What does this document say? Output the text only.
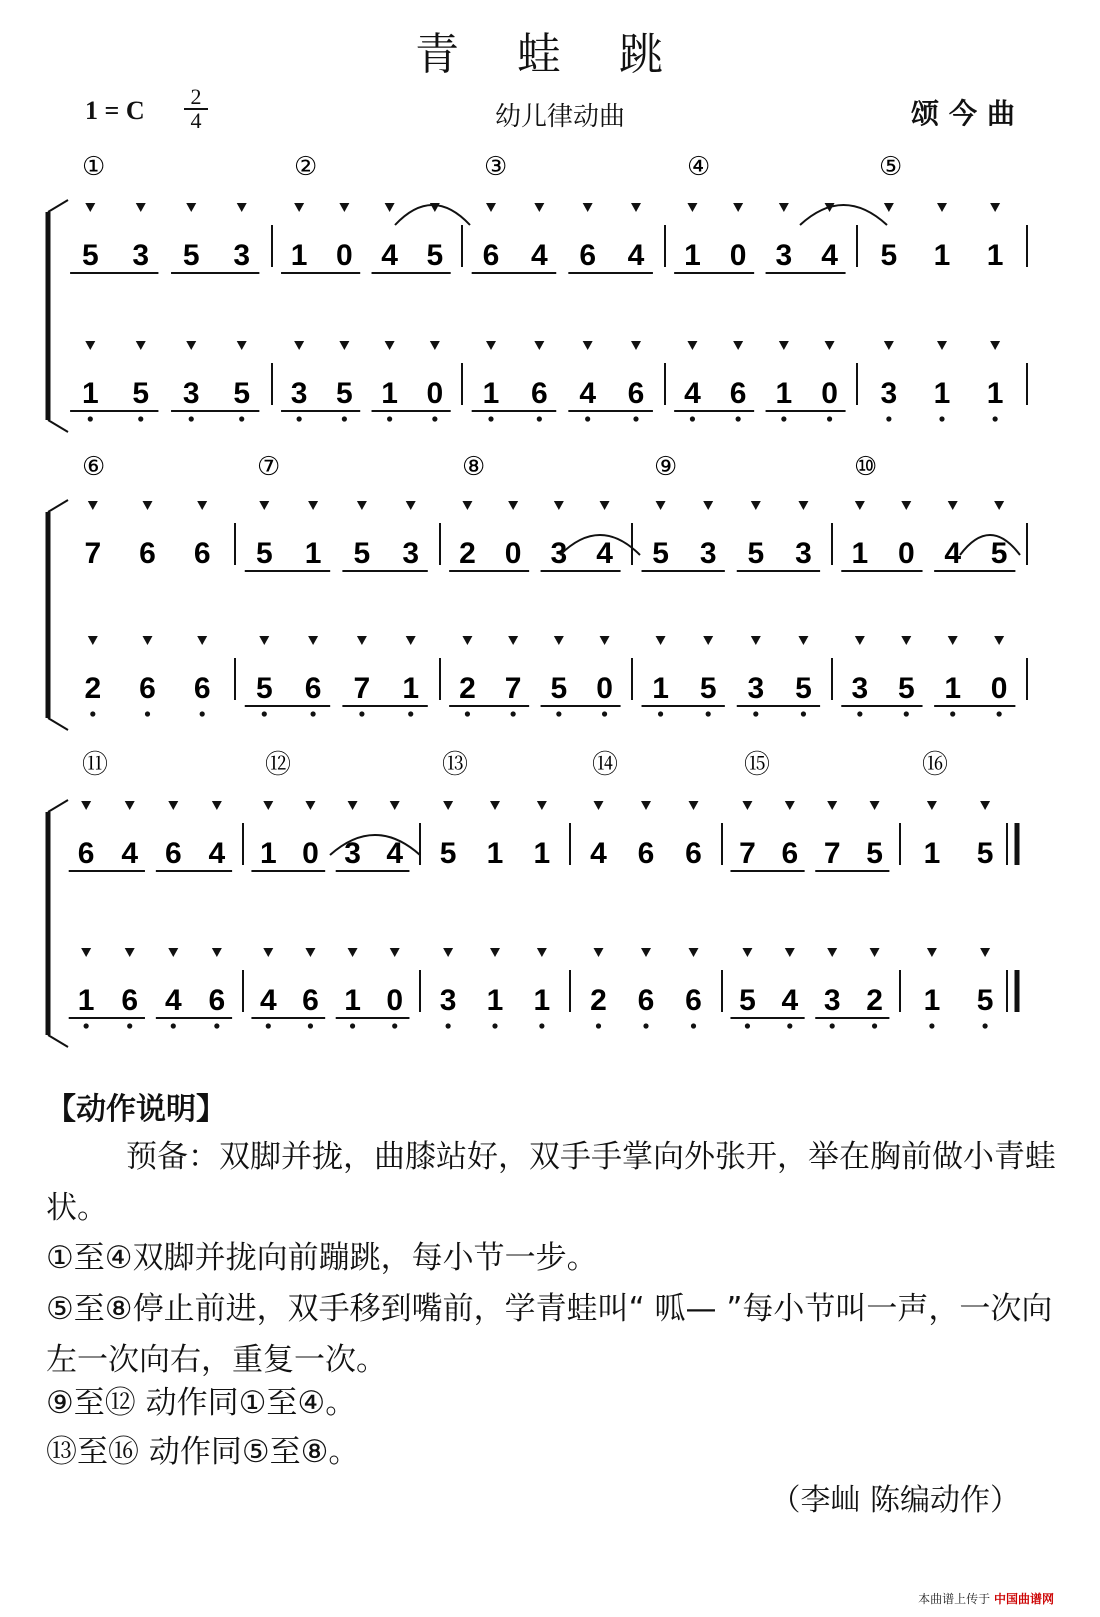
青 蛙 跳
1 = C	2
4	幼儿律动曲	颂今曲
①
5 3 5 3
1 5 3 5
②
1 0 4 5
3 5 1 0
③
6 4 6 4
1 6 4 6
④
1 0 3 4
4 6 1 0
⑤
5 1 1
3 1 1
⑥
7 6 6
2 6 6
⑦
5 1 5 3
5 6 7 1
⑧
2 0 3 4
2 7 5 0
⑨
5 3 5 3
1 5 3 5
⑩
1 0 4 5
3 5 1 0
⑪
6 4 6 4
1 6 4 6
⑫
1 0 3 4
4 6 1 0
⑬
5 1 1
3 1 1
⑭
4 6 6
2 6 6
⑮
7 6 7 5
5 4 3 2
⑯
1 5
1 5
【动作说明】
预备：双脚并拢，曲膝站好，双手手掌向外张开，举在胸前做小青蛙状。
①至④双脚并拢向前蹦跳，每小节一步。
⑤至⑧停止前进，双手移到嘴前，学青蛙叫“ 呱— ”每小节叫一声，一次向左一次向右，重复一次。
⑨至⑫ 动作同①至④。
⑬至⑯ 动作同⑤至⑧。
（李屾 陈编动作）
本曲谱上传于 中国曲谱网
